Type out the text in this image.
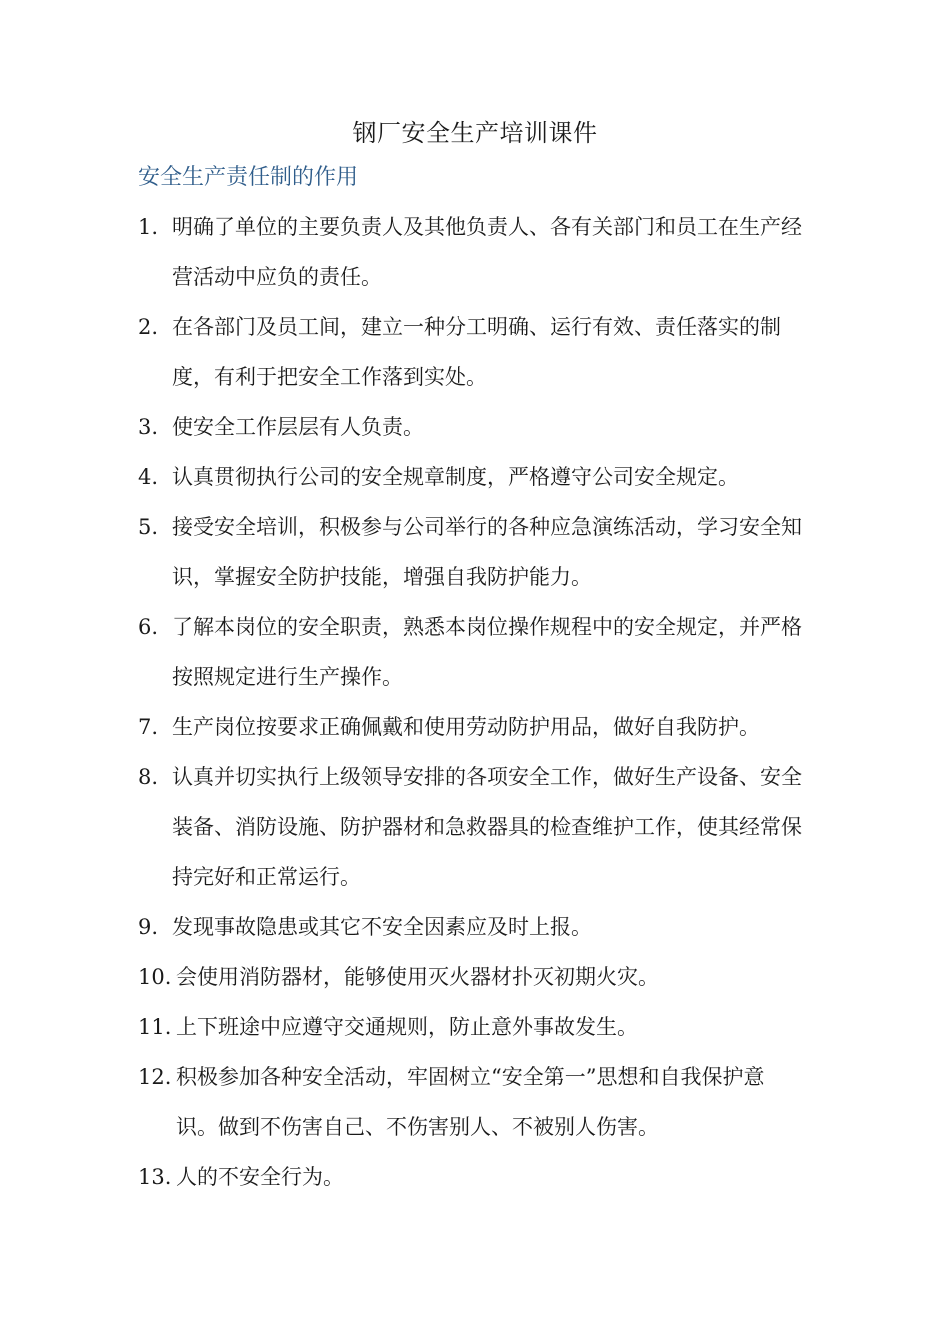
钢厂安全生产培训课件
安全生产责任制的作用
1. 明确了单位的主要负责人及其他负责人、各有关部门和员工在生产经营活动中应负的责任。
2. 在各部门及员工间，建立一种分工明确、运行有效、责任落实的制度，有利于把安全工作落到实处。
3. 使安全工作层层有人负责。
4. 认真贯彻执行公司的安全规章制度，严格遵守公司安全规定。
5. 接受安全培训，积极参与公司举行的各种应急演练活动，学习安全知识，掌握安全防护技能，增强自我防护能力。
6. 了解本岗位的安全职责，熟悉本岗位操作规程中的安全规定，并严格按照规定进行生产操作。
7. 生产岗位按要求正确佩戴和使用劳动防护用品，做好自我防护。
8. 认真并切实执行上级领导安排的各项安全工作，做好生产设备、安全装备、消防设施、防护器材和急救器具的检查维护工作，使其经常保持完好和正常运行。
9. 发现事故隐患或其它不安全因素应及时上报。
10. 会使用消防器材，能够使用灭火器材扑灭初期火灾。
11. 上下班途中应遵守交通规则，防止意外事故发生。
12. 积极参加各种安全活动，牢固树立“安全第一”思想和自我保护意识。做到不伤害自己、不伤害别人、不被别人伤害。
13. 人的不安全行为。
